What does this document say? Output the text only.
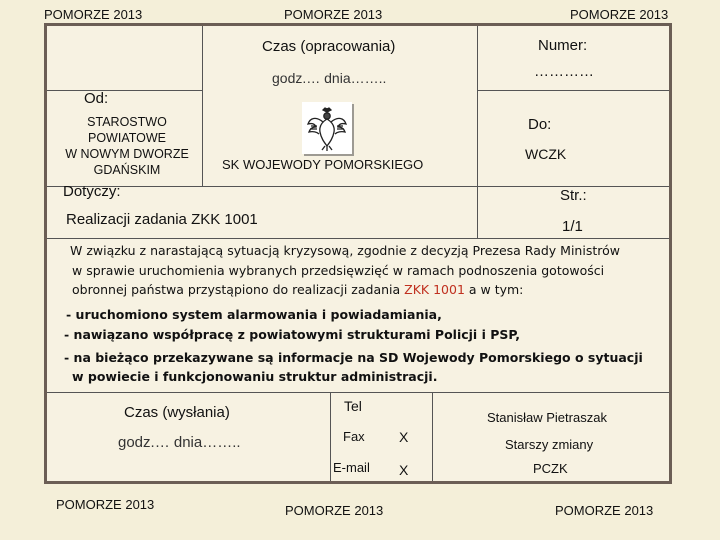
POMORZE 2013	POMORZE 2013	POMORZE 2013
Czas (opracowania)
godz.… dnia……..
Numer:
…………
Od:
STAROSTWO
POWIATOWE
W NOWYM DWORZE
GDAŃSKIM	SK WOJEWODY POMORSKIEGO
Do:
WCZK
Dotyczy:
Realizacji zadania ZKK 1001
Str.:
1/1
W związku z narastającą sytuacją kryzysową, zgodnie z decyzją Prezesa Rady Ministrów
w sprawie uruchomienia wybranych przedsięwzięć w ramach podnoszenia gotowości
obronnej państwa przystąpiono do realizacji zadania ZKK 1001 a w tym:
- uruchomiono system alarmowania i powiadamiania,
- nawiązano współpracę z powiatowymi strukturami Policji i PSP,
- na bieżąco przekazywane są informacje na SD Wojewody Pomorskiego o sytuacji
w powiecie i funkcjonowaniu struktur administracji.
Czas (wysłania)
godz.… dnia……..
Tel
Fax X
E-mail X
Stanisław Pietraszak
Starszy zmiany
PCZK
POMORZE 2013	POMORZE 2013	POMORZE 2013
